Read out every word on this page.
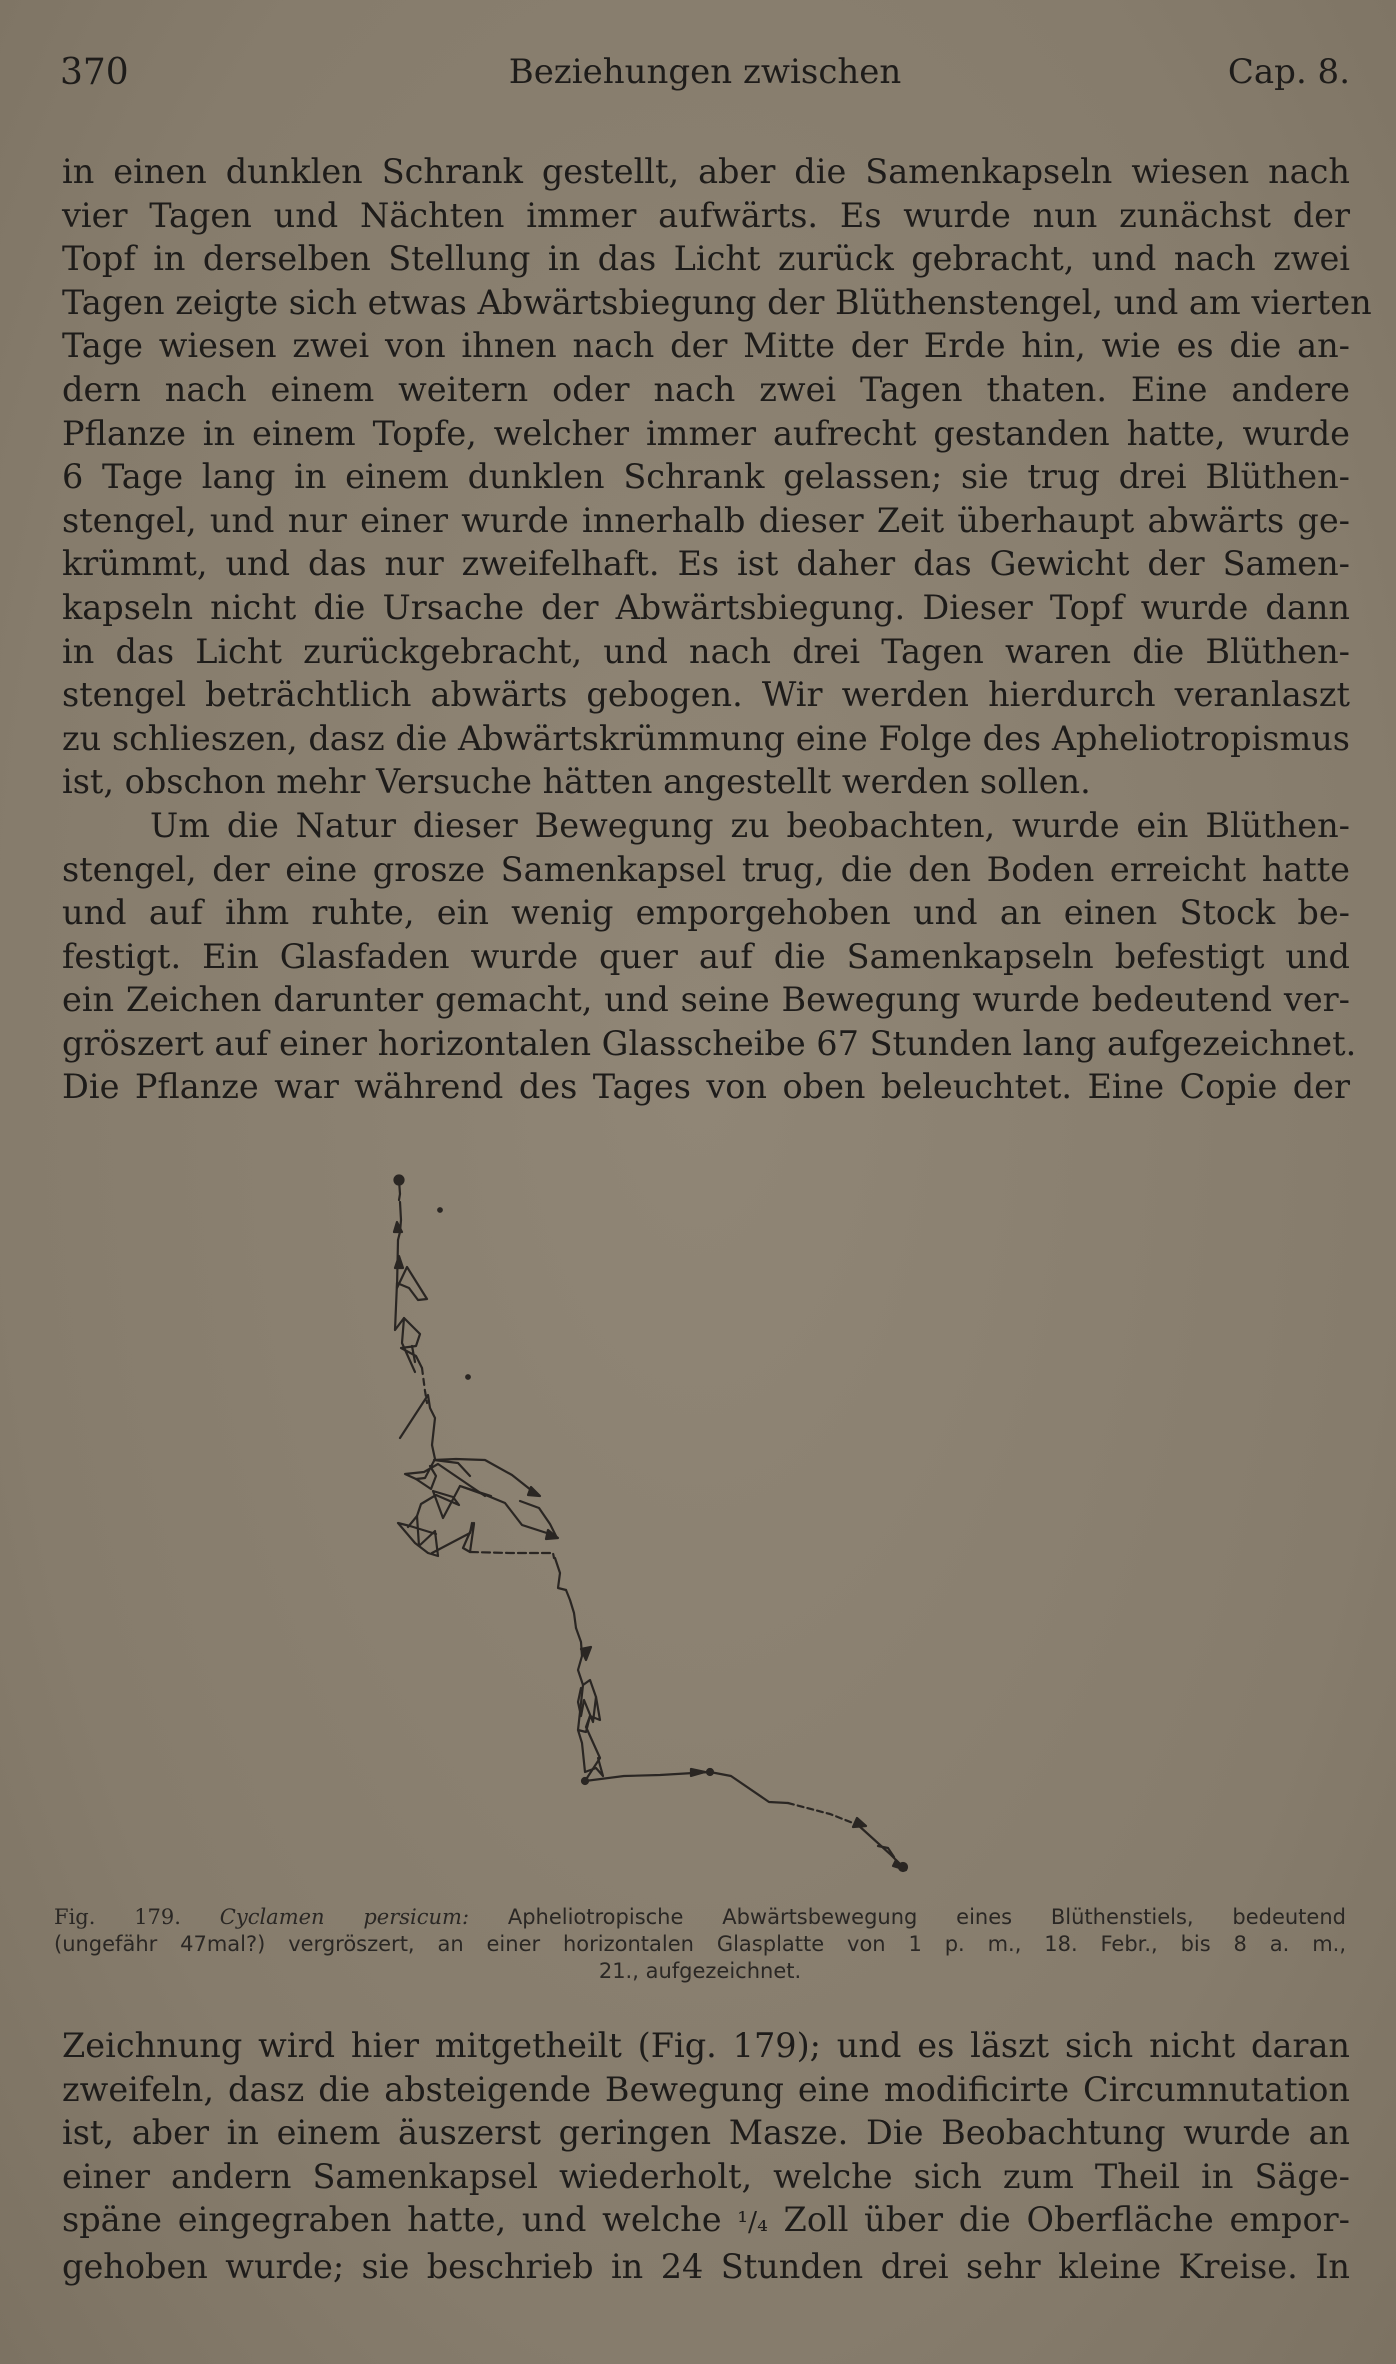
370	Beziehungen zwischen	Cap. 8.

in einen dunklen Schrank gestellt, aber die Samenkapseln wiesen nach
vier Tagen und Nächten immer aufwärts. Es wurde nun zunächst der
Topf in derselben Stellung in das Licht zurück gebracht, und nach zwei
Tagen zeigte sich etwas Abwärtsbiegung der Blüthenstengel, und am vierten
Tage wiesen zwei von ihnen nach der Mitte der Erde hin, wie es die an-
dern nach einem weitern oder nach zwei Tagen thaten. Eine andere
Pflanze in einem Topfe, welcher immer aufrecht gestanden hatte, wurde
6 Tage lang in einem dunklen Schrank gelassen; sie trug drei Blüthen-
stengel, und nur einer wurde innerhalb dieser Zeit überhaupt abwärts ge-
krümmt, und das nur zweifelhaft. Es ist daher das Gewicht der Samen-
kapseln nicht die Ursache der Abwärtsbiegung. Dieser Topf wurde dann
in das Licht zurückgebracht, und nach drei Tagen waren die Blüthen-
stengel beträchtlich abwärts gebogen. Wir werden hierdurch veranlaszt
zu schlieszen, dasz die Abwärtskrümmung eine Folge des Apheliotropismus
ist, obschon mehr Versuche hätten angestellt werden sollen.

Um die Natur dieser Bewegung zu beobachten, wurde ein Blüthen-
stengel, der eine grosze Samenkapsel trug, die den Boden erreicht hatte
und auf ihm ruhte, ein wenig emporgehoben und an einen Stock be-
festigt. Ein Glasfaden wurde quer auf die Samenkapseln befestigt und
ein Zeichen darunter gemacht, und seine Bewegung wurde bedeutend ver-
gröszert auf einer horizontalen Glasscheibe 67 Stunden lang aufgezeichnet.
Die Pflanze war während des Tages von oben beleuchtet. Eine Copie der

Fig. 179. Cyclamen persicum: Apheliotropische Abwärtsbewegung eines Blüthenstiels, bedeutend
(ungefähr 47mal?) vergröszert, an einer horizontalen Glasplatte von 1 p. m., 18. Febr., bis 8 a. m.,
21., aufgezeichnet.

Zeichnung wird hier mitgetheilt (Fig. 179); und es läszt sich nicht daran
zweifeln, dasz die absteigende Bewegung eine modificirte Circumnutation
ist, aber in einem äuszerst geringen Masze. Die Beobachtung wurde an
einer andern Samenkapsel wiederholt, welche sich zum Theil in Säge-
späne eingegraben hatte, und welche ¹/₄ Zoll über die Oberfläche empor-
gehoben wurde; sie beschrieb in 24 Stunden drei sehr kleine Kreise. In
